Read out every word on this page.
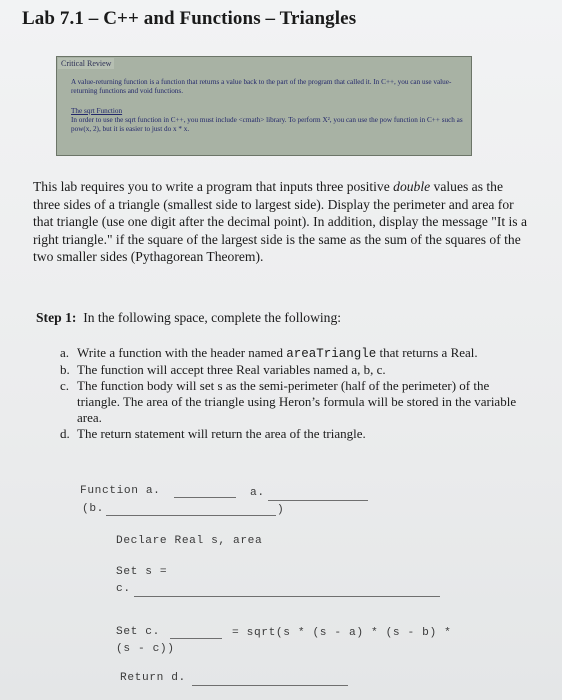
Lab 7.1 – C++ and Functions – Triangles
Critical Review
A value-returning function is a function that returns a value back to the part of the program that called it. In C++, you can use value-returning functions and void functions.
The sqrt Function
In order to use the sqrt function in C++, you must include <cmath> library. To perform X², you can use the pow function in C++ such as pow(x, 2), but it is easier to just do x * x.
This lab requires you to write a program that inputs three positive double values as the three sides of a triangle (smallest side to largest side). Display the perimeter and area for that triangle (use one digit after the decimal point). In addition, display the message "It is a right triangle." if the square of the largest side is the same as the sum of the squares of the two smaller sides (Pythagorean Theorem).
Step 1: In the following space, complete the following:
a. Write a function with the header named areaTriangle that returns a Real.
b. The function will accept three Real variables named a, b, c.
c. The function body will set s as the semi-perimeter (half of the perimeter) of the triangle. The area of the triangle using Heron’s formula will be stored in the variable area.
d. The return statement will return the area of the triangle.
Function a.	a.
(b.	)
Declare Real s, area
Set s =
c.
Set c.	= sqrt(s * (s - a) * (s - b) *
(s - c))
Return d.
